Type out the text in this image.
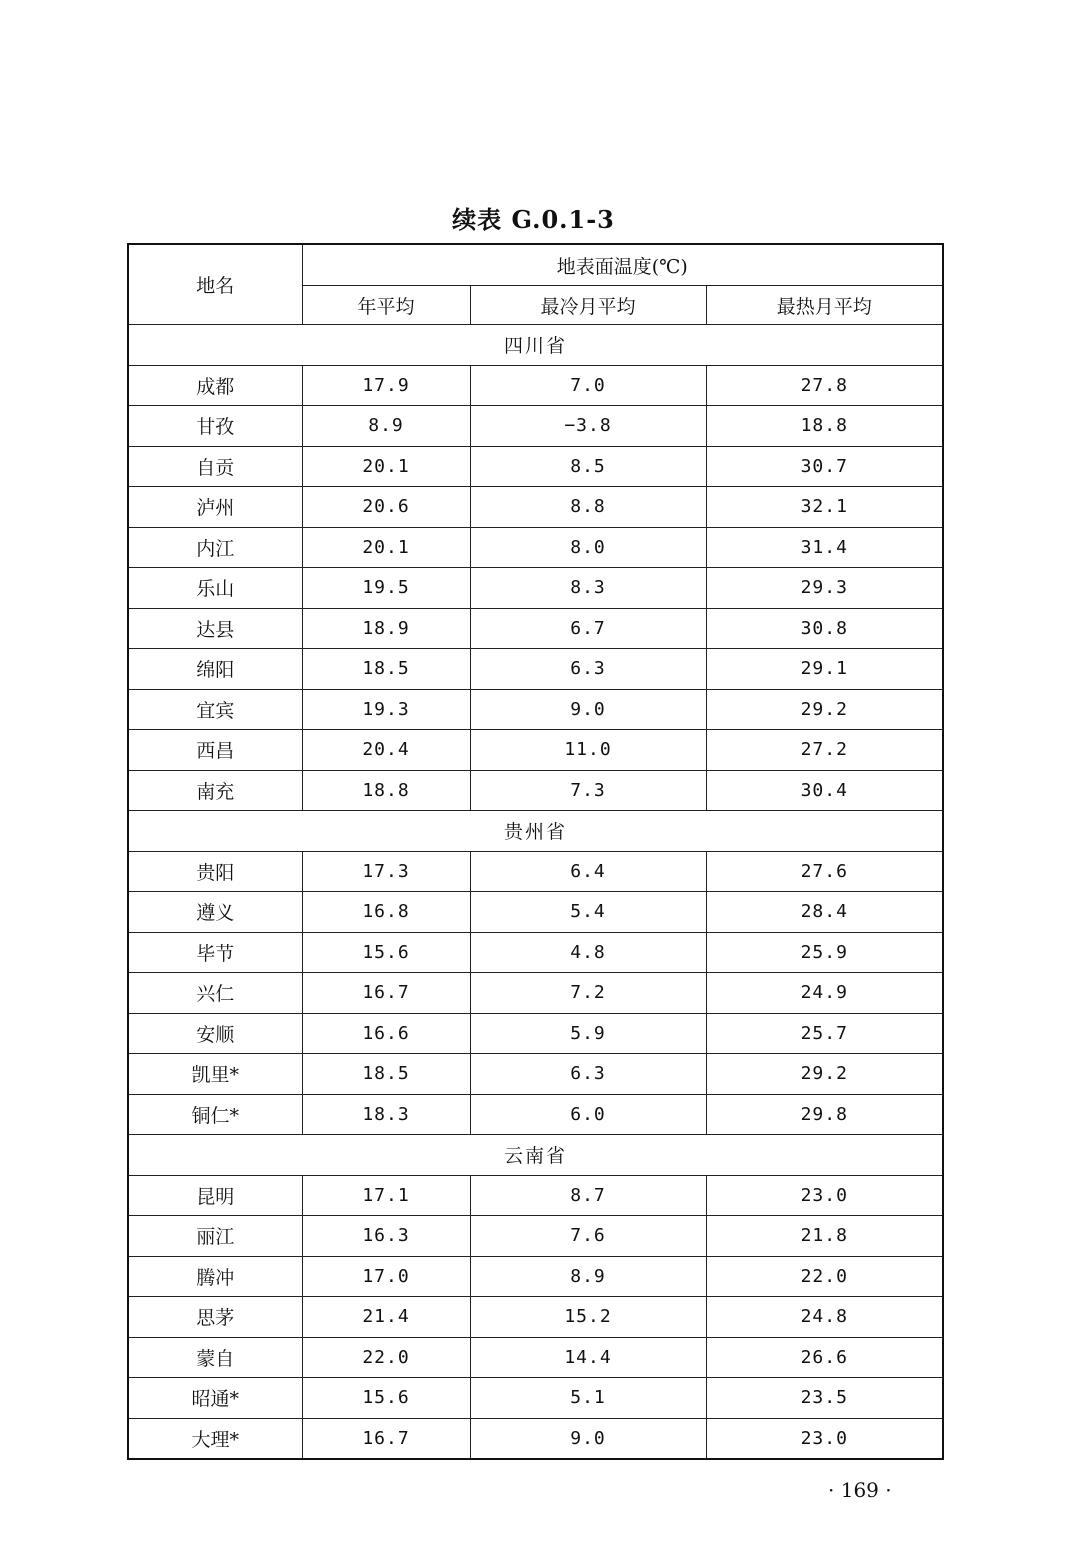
续表 G.0.1-3
地名	地表面温度(℃)		
	年平均	最冷月平均	最热月平均
四川省			
成都	17.9	7.0	27.8
甘孜	8.9	−3.8	18.8
自贡	20.1	8.5	30.7
泸州	20.6	8.8	32.1
内江	20.1	8.0	31.4
乐山	19.5	8.3	29.3
达县	18.9	6.7	30.8
绵阳	18.5	6.3	29.1
宜宾	19.3	9.0	29.2
西昌	20.4	11.0	27.2
南充	18.8	7.3	30.4
贵州省			
贵阳	17.3	6.4	27.6
遵义	16.8	5.4	28.4
毕节	15.6	4.8	25.9
兴仁	16.7	7.2	24.9
安顺	16.6	5.9	25.7
凯里*	18.5	6.3	29.2
铜仁*	18.3	6.0	29.8
云南省			
昆明	17.1	8.7	23.0
丽江	16.3	7.6	21.8
腾冲	17.0	8.9	22.0
思茅	21.4	15.2	24.8
蒙自	22.0	14.4	26.6
昭通*	15.6	5.1	23.5
大理*	16.7	9.0	23.0
· 169 ·
